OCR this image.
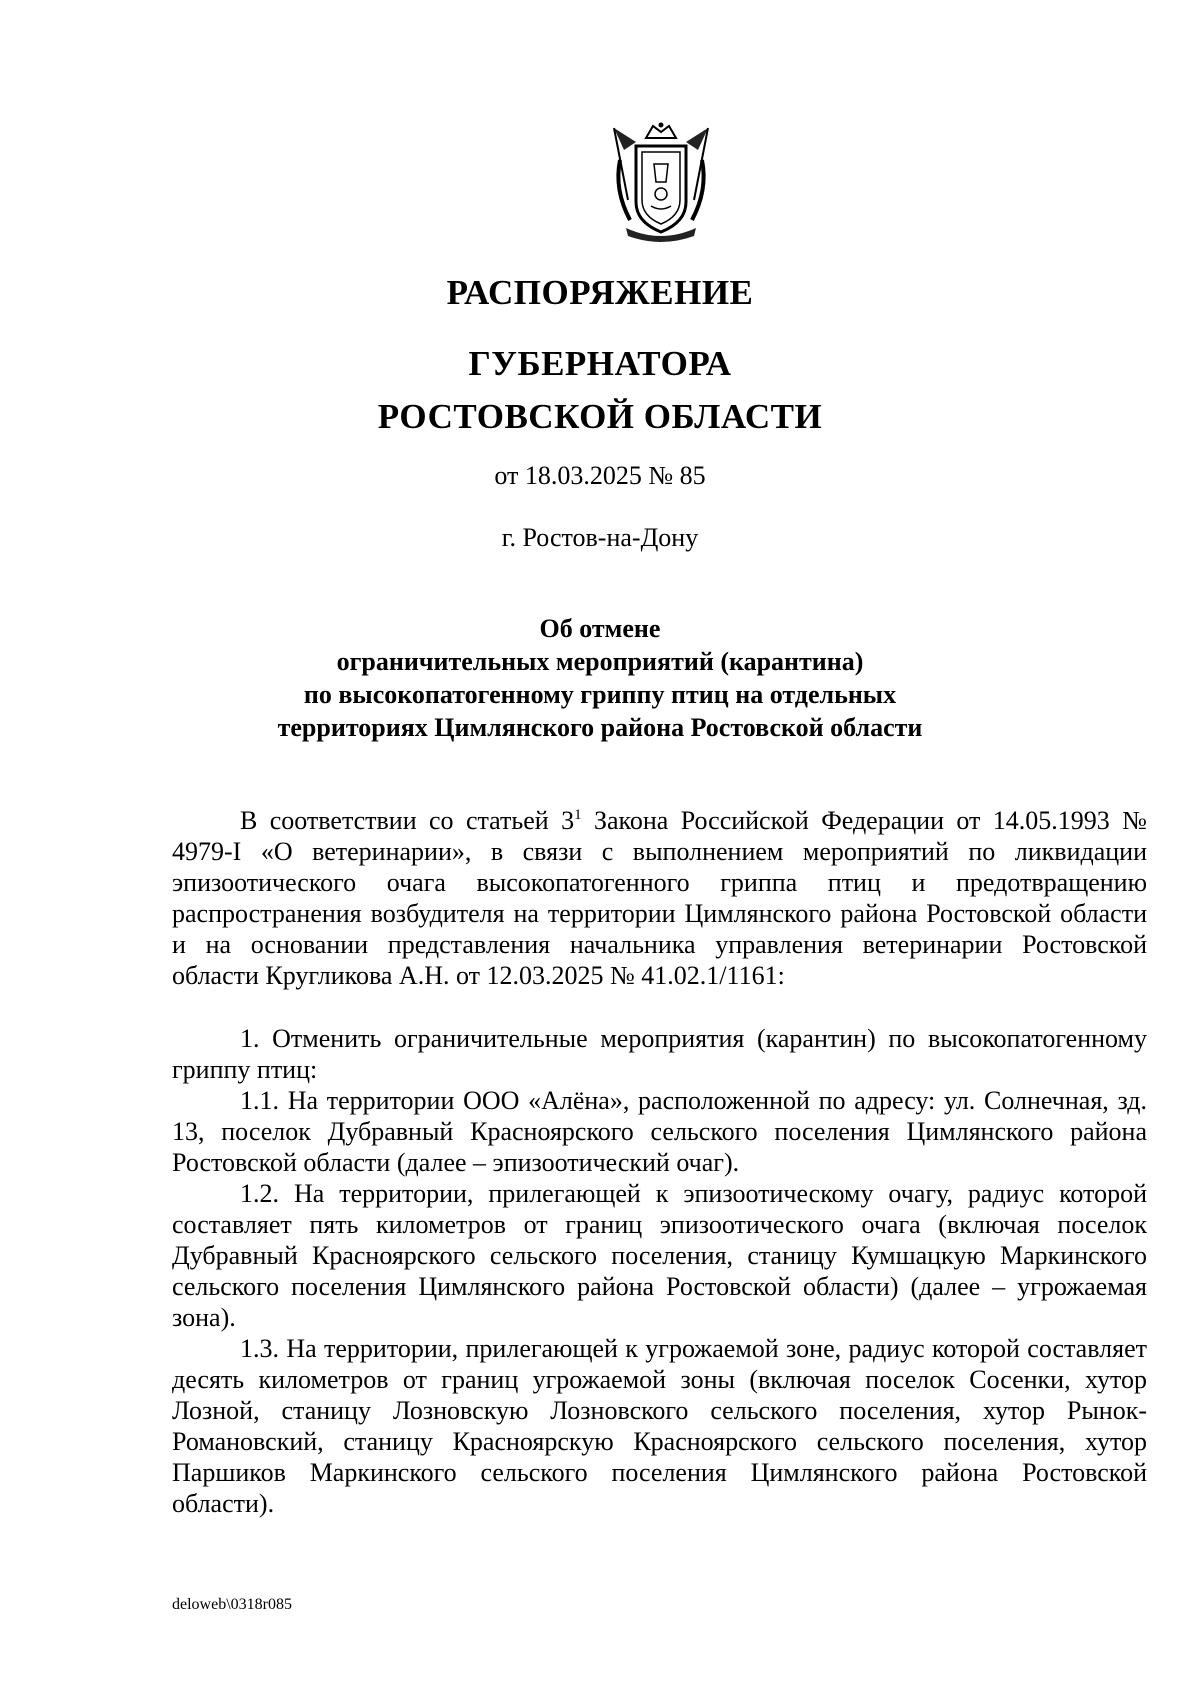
РАСПОРЯЖЕНИЕ
ГУБЕРНАТОРА
РОСТОВСКОЙ ОБЛАСТИ
от 18.03.2025 № 85
г. Ростов-на-Дону
Об отмене
ограничительных мероприятий (карантина)
по высокопатогенному гриппу птиц на отдельных
территориях Цимлянского района Ростовской области

В соответствии со статьей $3^1$ Закона Российской Федерации от 14.05.1993 № 4979-I «О ветеринарии», в связи с выполнением мероприятий по ликвидации эпизоотического очага высокопатогенного гриппа птиц и предотвращению распространения возбудителя на территории Цимлянского района Ростовской области и на основании представления начальника управления ветеринарии Ростовской области Кругликова А.Н. от 12.03.2025 № 41.02.1/1161:

1. Отменить ограничительные мероприятия (карантин) по высокопатогенному гриппу птиц:

1.1. На территории ООО «Алёна», расположенной по адресу: ул. Солнечная, зд. 13, поселок Дубравный Красноярского сельского поселения Цимлянского района Ростовской области (далее – эпизоотический очаг).

1.2. На территории, прилегающей к эпизоотическому очагу, радиус которой составляет пять километров от границ эпизоотического очага (включая поселок Дубравный Красноярского сельского поселения, станицу Кумшацкую Маркинского сельского поселения Цимлянского района Ростовской области) (далее – угрожаемая зона).

1.3. На территории, прилегающей к угрожаемой зоне, радиус которой составляет десять километров от границ угрожаемой зоны (включая поселок Сосенки, хутор Лозной, станицу Лозновскую Лозновского сельского поселения, хутор Рынок-Романовский, станицу Красноярскую Красноярского сельского поселения, хутор Паршиков Маркинского сельского поселения Цимлянского района Ростовской области).

deloweb\0318r085
